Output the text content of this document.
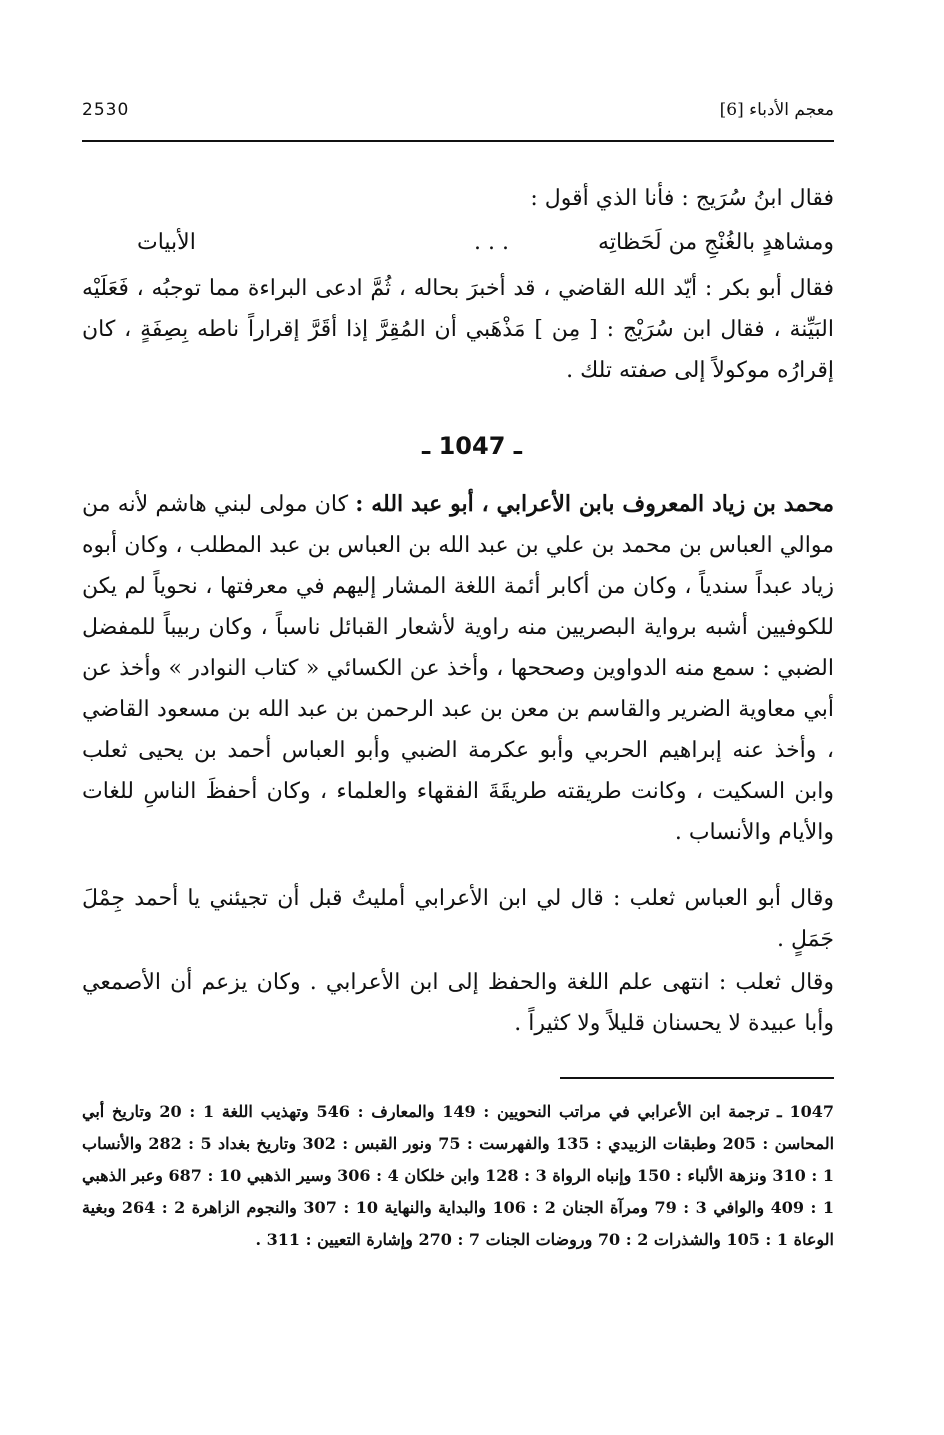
2530	معجم الأدباء [6]
فقال ابنُ سُرَيج : فأنا الذي أقول :
ومشاهدٍ بالغُنْجِ من لَحَظاتِه
. . .
الأبيات
فقال أبو بكر : أيّد الله القاضي ، قد أخبرَ بحاله ، ثُمَّ ادعى البراءة مما توجبُه ، فَعَلَيْه البَيِّنة ، فقال ابن سُرَيْج : [ مِن ] مَذْهَبي أن المُقِرَّ إذا أقَرَّ إقراراً ناطه بِصِفَةٍ ، كان إقرارُه موكولاً إلى صفته تلك .
ـ 1047 ـ
محمد بن زياد المعروف بابن الأعرابي ، أبو عبد الله : كان مولى لبني هاشم لأنه من موالي العباس بن محمد بن علي بن عبد الله بن العباس بن عبد المطلب ، وكان أبوه زياد عبداً سندياً ، وكان من أكابر أئمة اللغة المشار إليهم في معرفتها ، نحوياً لم يكن للكوفيين أشبه برواية البصريين منه راوية لأشعار القبائل ناسباً ، وكان ربيباً للمفضل الضبي : سمع منه الدواوين وصححها ، وأخذ عن الكسائي « كتاب النوادر » وأخذ عن أبي معاوية الضرير والقاسم بن معن بن عبد الرحمن بن عبد الله بن مسعود القاضي ، وأخذ عنه إبراهيم الحربي وأبو عكرمة الضبي وأبو العباس أحمد بن يحيى ثعلب وابن السكيت ، وكانت طريقته طريقَةَ الفقهاء والعلماء ، وكان أحفظَ الناسِ للغات والأيام والأنساب .
وقال أبو العباس ثعلب : قال لي ابن الأعرابي أمليتُ قبل أن تجيئني يا أحمد جِمْلَ جَمَلٍ .
وقال ثعلب : انتهى علم اللغة والحفظ إلى ابن الأعرابي . وكان يزعم أن الأصمعي وأبا عبيدة لا يحسنان قليلاً ولا كثيراً .
1047 ـ ترجمة ابن الأعرابي في مراتب النحويين : 149 والمعارف : 546 وتهذيب اللغة 1 : 20 وتاريخ أبي المحاسن : 205 وطبقات الزبيدي : 135 والفهرست : 75 ونور القبس : 302 وتاريخ بغداد 5 : 282 والأنساب 1 : 310 ونزهة الألباء : 150 وإنباه الرواة 3 : 128 وابن خلكان 4 : 306 وسير الذهبي 10 : 687 وعبر الذهبي 1 : 409 والوافي 3 : 79 ومرآة الجنان 2 : 106 والبداية والنهاية 10 : 307 والنجوم الزاهرة 2 : 264 وبغية الوعاة 1 : 105 والشذرات 2 : 70 وروضات الجنات 7 : 270 وإشارة التعيين : 311 .
